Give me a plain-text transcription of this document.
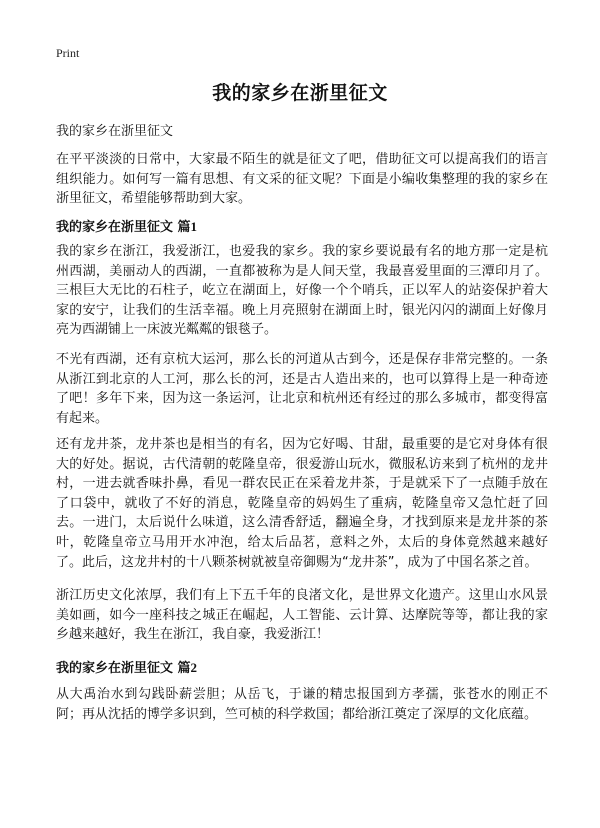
Print
我的家乡在浙里征文

我的家乡在浙里征文

在平平淡淡的日常中，大家最不陌生的就是征文了吧，借助征文可以提高我们的语言组织能力。如何写一篇有思想、有文采的征文呢？下面是小编收集整理的我的家乡在浙里征文，希望能够帮助到大家。

我的家乡在浙里征文 篇1

我的家乡在浙江，我爱浙江，也爱我的家乡。我的家乡要说最有名的地方那一定是杭州西湖，美丽动人的西湖，一直都被称为是人间天堂，我最喜爱里面的三潭印月了。三根巨大无比的石柱子，屹立在湖面上，好像一个个哨兵，正以军人的站姿保护着大家的安宁，让我们的生活幸福。晚上月亮照射在湖面上时，银光闪闪的湖面上好像月亮为西湖铺上一床波光粼粼的银毯子。

不光有西湖，还有京杭大运河，那么长的河道从古到今，还是保存非常完整的。一条从浙江到北京的人工河，那么长的河，还是古人造出来的，也可以算得上是一种奇迹了吧！多年下来，因为这一条运河，让北京和杭州还有经过的那么多城市，都变得富有起来。

还有龙井茶，龙井茶也是相当的有名，因为它好喝、甘甜，最重要的是它对身体有很大的好处。据说，古代清朝的乾隆皇帝，很爱游山玩水，微服私访来到了杭州的龙井村，一进去就香味扑鼻，看见一群农民正在采着龙井茶，于是就采下了一点随手放在了口袋中，就收了不好的消息，乾隆皇帝的妈妈生了重病，乾隆皇帝又急忙赶了回去。一进门，太后说什么味道，这么清香舒适，翻遍全身，才找到原来是龙井茶的茶叶，乾隆皇帝立马用开水冲泡，给太后品茗，意料之外，太后的身体竟然越来越好了。此后，这龙井村的十八颗茶树就被皇帝御赐为“龙井茶”，成为了中国名茶之首。

浙江历史文化浓厚，我们有上下五千年的良渚文化，是世界文化遗产。这里山水风景美如画，如今一座科技之城正在崛起，人工智能、云计算、达摩院等等，都让我的家乡越来越好，我生在浙江，我自豪，我爱浙江！

我的家乡在浙里征文 篇2

从大禹治水到勾践卧薪尝胆；从岳飞，于谦的精忠报国到方孝孺，张苍水的刚正不阿；再从沈括的博学多识到，竺可桢的科学救国；都给浙江奠定了深厚的文化底蕴。
